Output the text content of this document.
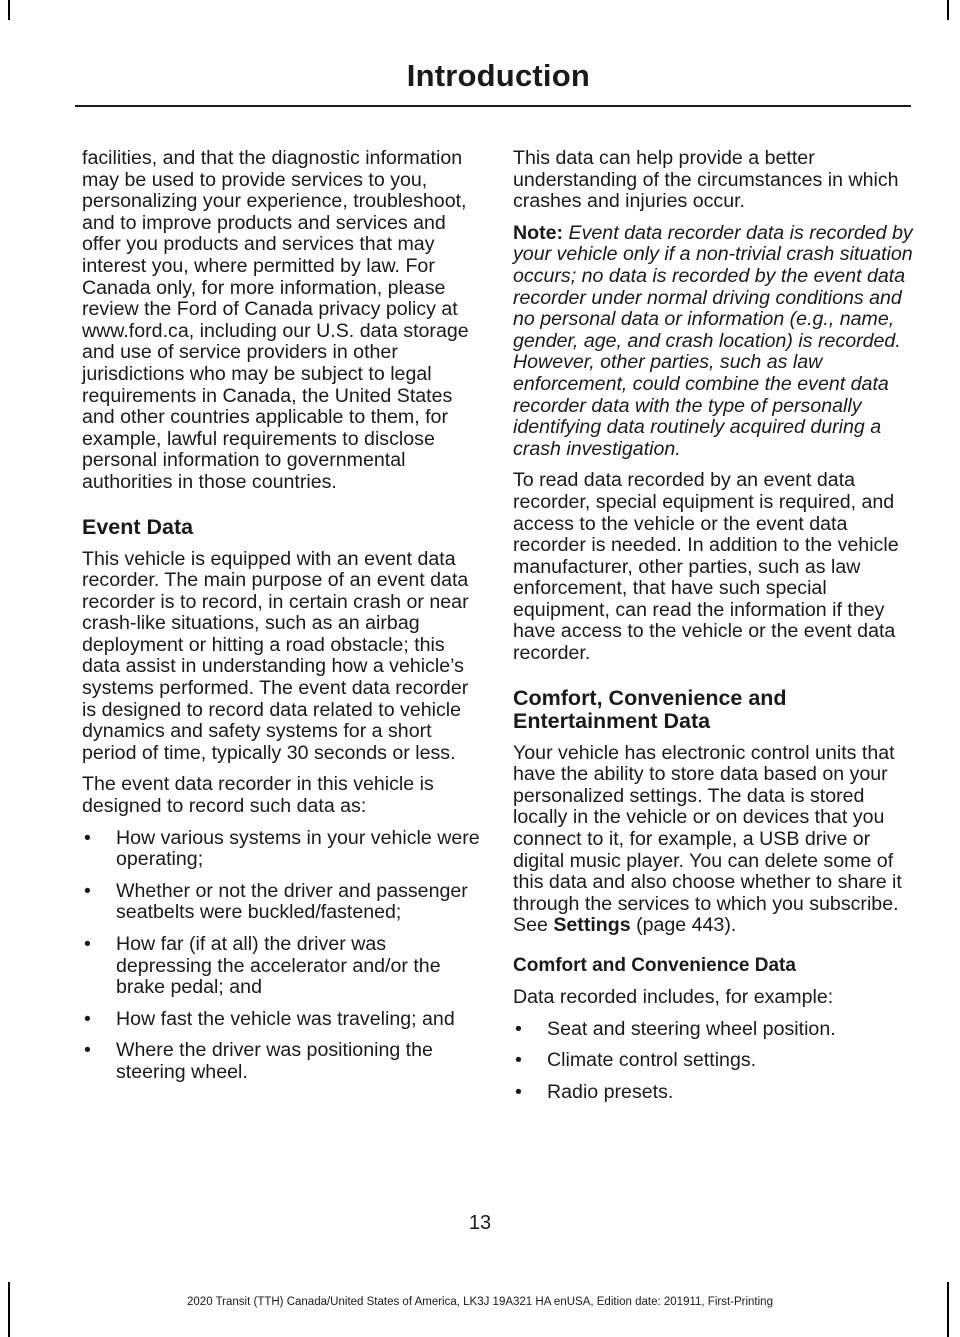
Introduction

facilities, and that the diagnostic information may be used to provide services to you, personalizing your experience, troubleshoot, and to improve products and services and offer you products and services that may interest you, where permitted by law. For Canada only, for more information, please review the Ford of Canada privacy policy at www.ford.ca, including our U.S. data storage and use of service providers in other jurisdictions who may be subject to legal requirements in Canada, the United States and other countries applicable to them, for example, lawful requirements to disclose personal information to governmental authorities in those countries.

Event Data

This vehicle is equipped with an event data recorder. The main purpose of an event data recorder is to record, in certain crash or near crash-like situations, such as an airbag deployment or hitting a road obstacle; this data assist in understanding how a vehicle’s systems performed. The event data recorder is designed to record data related to vehicle dynamics and safety systems for a short period of time, typically 30 seconds or less.

The event data recorder in this vehicle is designed to record such data as:

• How various systems in your vehicle were operating;
• Whether or not the driver and passenger seatbelts were buckled/fastened;
• How far (if at all) the driver was depressing the accelerator and/or the brake pedal; and
• How fast the vehicle was traveling; and
• Where the driver was positioning the steering wheel.

This data can help provide a better understanding of the circumstances in which crashes and injuries occur.

Note: Event data recorder data is recorded by your vehicle only if a non-trivial crash situation occurs; no data is recorded by the event data recorder under normal driving conditions and no personal data or information (e.g., name, gender, age, and crash location) is recorded. However, other parties, such as law enforcement, could combine the event data recorder data with the type of personally identifying data routinely acquired during a crash investigation.

To read data recorded by an event data recorder, special equipment is required, and access to the vehicle or the event data recorder is needed. In addition to the vehicle manufacturer, other parties, such as law enforcement, that have such special equipment, can read the information if they have access to the vehicle or the event data recorder.

Comfort, Convenience and Entertainment Data

Your vehicle has electronic control units that have the ability to store data based on your personalized settings. The data is stored locally in the vehicle or on devices that you connect to it, for example, a USB drive or digital music player. You can delete some of this data and also choose whether to share it through the services to which you subscribe. See Settings (page 443).

Comfort and Convenience Data

Data recorded includes, for example:

• Seat and steering wheel position.
• Climate control settings.
• Radio presets.
13
2020 Transit (TTH) Canada/United States of America, LK3J 19A321 HA enUSA, Edition date: 201911, First-Printing
